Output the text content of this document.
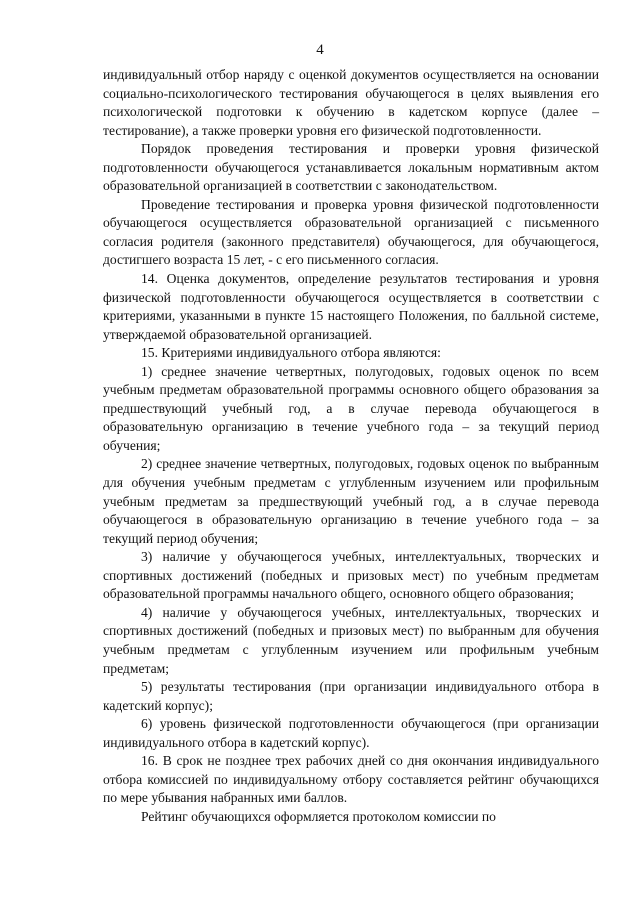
4

индивидуальный отбор наряду с оценкой документов осуществляется на основании социально-психологического тестирования обучающегося в целях выявления его психологической подготовки к обучению в кадетском корпусе (далее – тестирование), а также проверки уровня его физической подготовленности.

Порядок проведения тестирования и проверки уровня физической подготовленности обучающегося устанавливается локальным нормативным актом образовательной организацией в соответствии с законодательством.

Проведение тестирования и проверка уровня физической подготовленности обучающегося осуществляется образовательной организацией с письменного согласия родителя (законного представителя) обучающегося, для обучающегося, достигшего возраста 15 лет, - с его письменного согласия.

14. Оценка документов, определение результатов тестирования и уровня физической подготовленности обучающегося осуществляется в соответствии с критериями, указанными в пункте 15 настоящего Положения, по балльной системе, утверждаемой образовательной организацией.

15. Критериями индивидуального отбора являются:

1) среднее значение четвертных, полугодовых, годовых оценок по всем учебным предметам образовательной программы основного общего образования за предшествующий учебный год, а в случае перевода обучающегося в образовательную организацию в течение учебного года – за текущий период обучения;

2) среднее значение четвертных, полугодовых, годовых оценок по выбранным для обучения учебным предметам с углубленным изучением или профильным учебным предметам за предшествующий учебный год, а в случае перевода обучающегося в образовательную организацию в течение учебного года – за текущий период обучения;

3) наличие у обучающегося учебных, интеллектуальных, творческих и спортивных достижений (победных и призовых мест) по учебным предметам образовательной программы начального общего, основного общего образования;

4) наличие у обучающегося учебных, интеллектуальных, творческих и спортивных достижений (победных и призовых мест) по выбранным для обучения учебным предметам с углубленным изучением или профильным учебным предметам;

5) результаты тестирования (при организации индивидуального отбора в кадетский корпус);

6) уровень физической подготовленности обучающегося (при организации индивидуального отбора в кадетский корпус).

16. В срок не позднее трех рабочих дней со дня окончания индивидуального отбора комиссией по индивидуальному отбору составляется рейтинг обучающихся по мере убывания набранных ими баллов.

Рейтинг обучающихся оформляется протоколом комиссии по
